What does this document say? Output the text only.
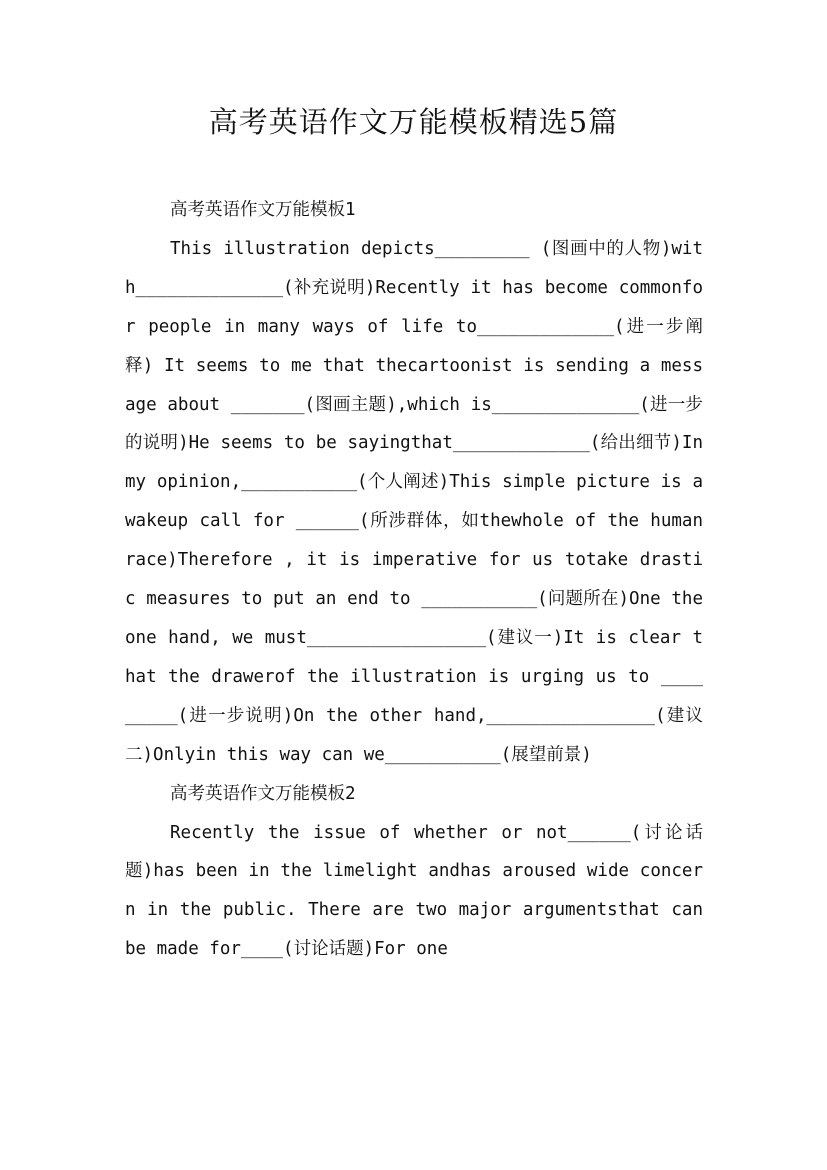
高考英语作文万能模板精选5篇
高考英语作文万能模板1

This illustration depicts_________ (图画中的人物)with______________(补充说明)Recently it has become commonfor people in many ways of life to_____________(进一步阐释) It seems to me that thecartoonist is sending a message about _______(图画主题),which is______________(进一步的说明)He seems to be sayingthat_____________(给出细节)In my opinion,___________(个人阐述)This simple picture is a wakeup call for ______(所涉群体，如thewhole of the human race)Therefore , it is imperative for us totake drastic measures to put an end to ___________(问题所在)One the one hand, we must_________________(建议一)It is clear that the drawerof the illustration is urging us to _________(进一步说明)On the other hand,________________(建议二)Onlyin this way can we___________(展望前景)

高考英语作文万能模板2

Recently the issue of whether or not______(讨论话题)has been in the limelight andhas aroused wide concern in the public. There are two major argumentsthat can be made for____(讨论话题)For one
